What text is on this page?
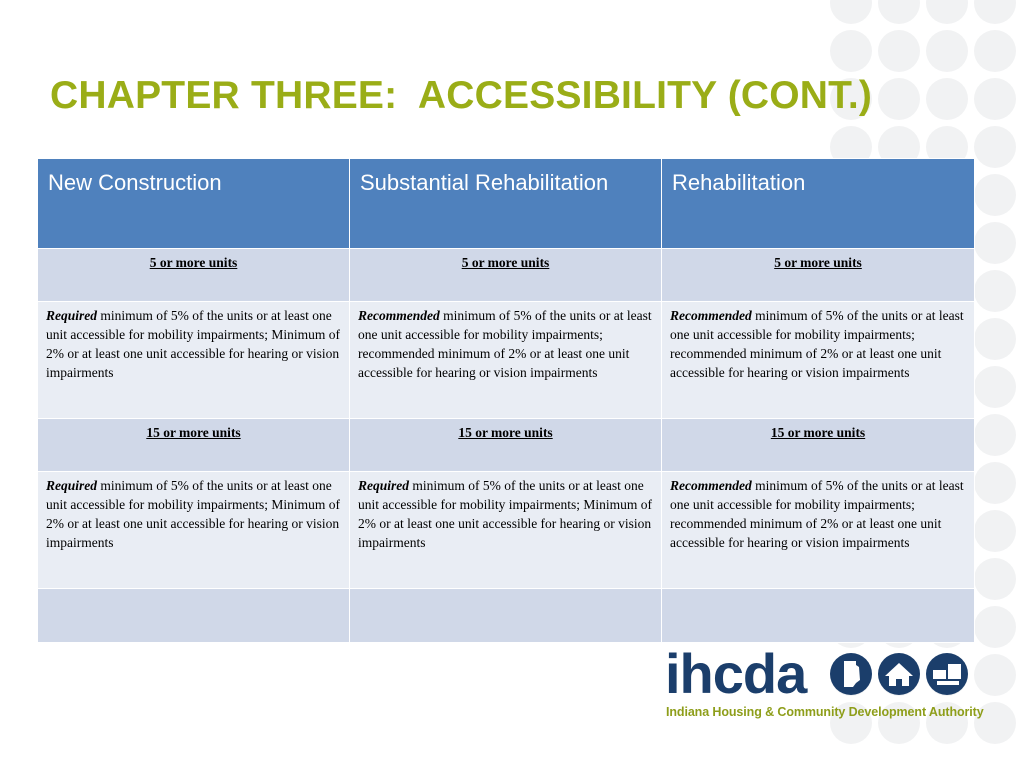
CHAPTER THREE:  ACCESSIBILITY (CONT.)
New Construction	Substantial Rehabilitation	Rehabilitation
5 or more units	5 or more units	5 or more units
Required minimum of 5% of the units or at least one unit accessible for mobility impairments; Minimum of 2% or at least one unit accessible for hearing or vision impairments	Recommended minimum of 5% of the units or at least one unit accessible for mobility impairments; recommended minimum of 2% or at least one unit accessible for hearing or vision impairments	Recommended minimum of 5% of the units or at least one unit accessible for mobility impairments; recommended minimum of 2% or at least one unit accessible for hearing or vision impairments
15 or more units	15 or more units	15 or more units
Required minimum of 5% of the units or at least one unit accessible for mobility impairments; Minimum of 2% or at least one unit accessible for hearing or vision impairments	Required minimum of 5% of the units or at least one unit accessible for mobility impairments; Minimum of 2% or at least one unit accessible for hearing or vision impairments	Recommended minimum of 5% of the units or at least one unit accessible for mobility impairments; recommended minimum of 2% or at least one unit accessible for hearing or vision impairments

ihcda
Indiana Housing & Community Development Authority
